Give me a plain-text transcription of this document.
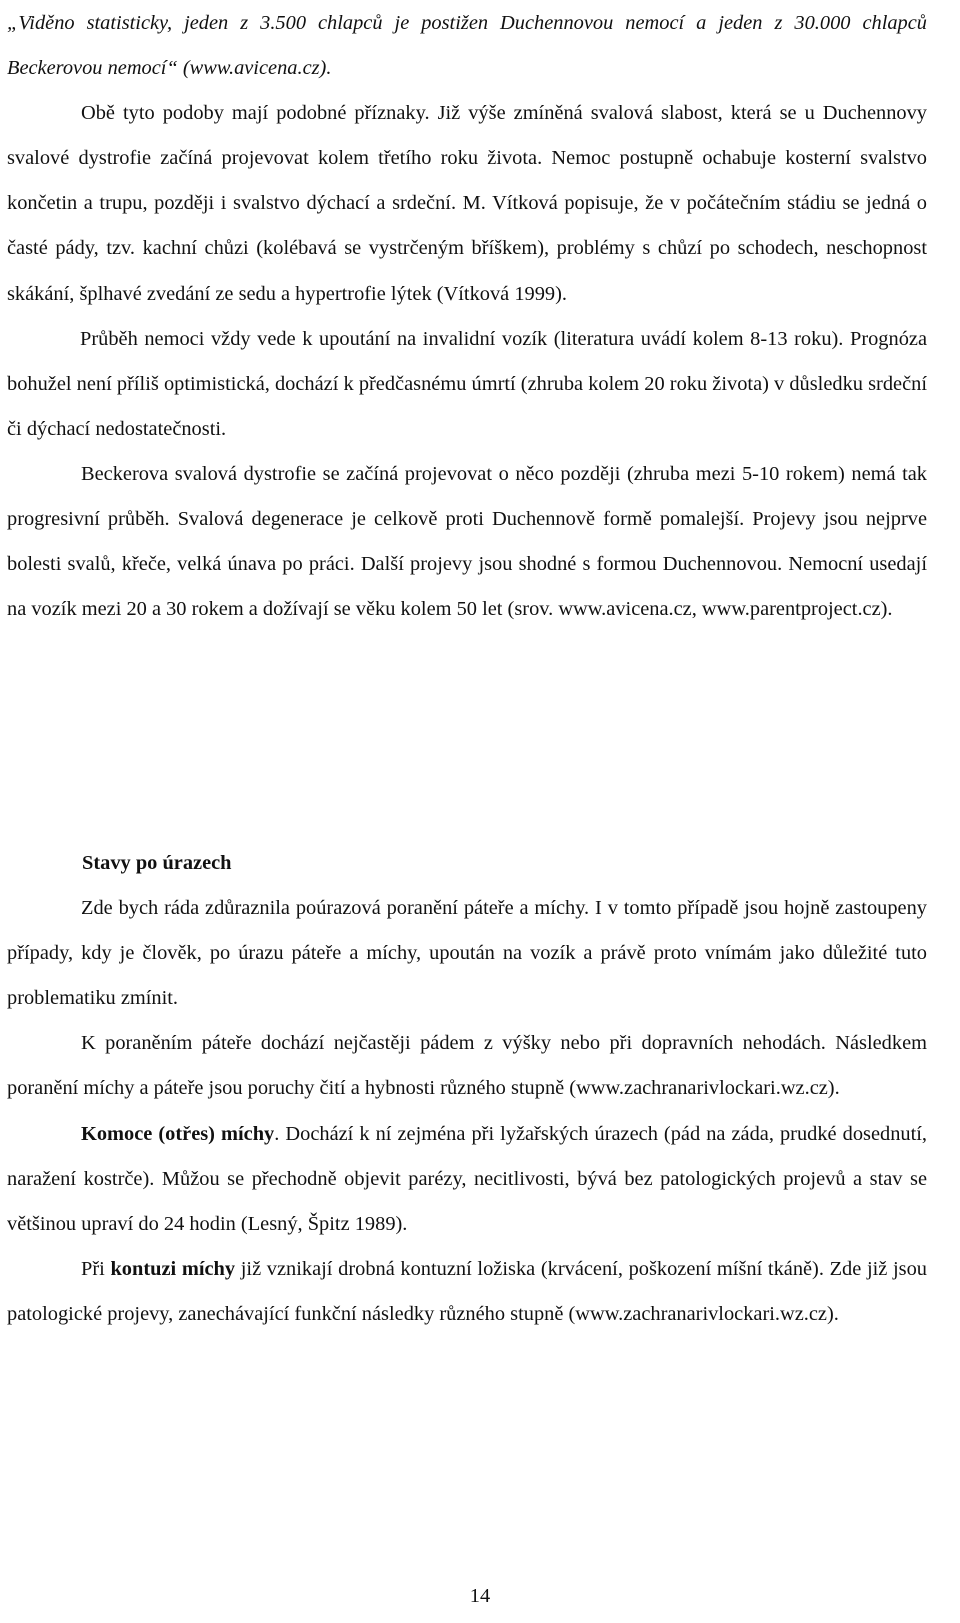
„Viděno statisticky, jeden z 3.500 chlapců je postižen Duchennovou nemocí a jeden z 30.000 chlapců Beckerovou nemocí“ (www.avicena.cz).

Obě tyto podoby mají podobné příznaky. Již výše zmíněná svalová slabost, která se u Duchennovy svalové dystrofie začíná projevovat kolem třetího roku života. Nemoc postupně ochabuje kosterní svalstvo končetin a trupu, později i svalstvo dýchací a srdeční. M. Vítková popisuje, že v počátečním stádiu se jedná o časté pády, tzv. kachní chůzi (kolébavá se vystrčeným bříškem), problémy s chůzí po schodech, neschopnost skákání, šplhavé zvedání ze sedu a hypertrofie lýtek (Vítková 1999).

Průběh nemoci vždy vede k upoutání na invalidní vozík (literatura uvádí kolem 8-13 roku). Prognóza bohužel není příliš optimistická, dochází k předčasnému úmrtí (zhruba kolem 20 roku života) v důsledku srdeční či dýchací nedostatečnosti.

Beckerova svalová dystrofie se začíná projevovat o něco později (zhruba mezi 5-10 rokem) nemá tak progresivní průběh. Svalová degenerace je celkově proti Duchennově formě pomalejší. Projevy jsou nejprve bolesti svalů, křeče, velká únava po práci. Další projevy jsou shodné s formou Duchennovou. Nemocní usedají na vozík mezi 20 a 30 rokem a dožívají se věku kolem 50 let (srov. www.avicena.cz, www.parentproject.cz).

Stavy po úrazech

Zde bych ráda zdůraznila poúrazová poranění páteře a míchy. I v tomto případě jsou hojně zastoupeny případy, kdy je člověk, po úrazu páteře a míchy, upoután na vozík a právě proto vnímám jako důležité tuto problematiku zmínit.

K poraněním páteře dochází nejčastěji pádem z výšky nebo při dopravních nehodách. Následkem poranění míchy a páteře jsou poruchy čití a hybnosti různého stupně (www.zachranarivlockari.wz.cz).

Komoce (otřes) míchy. Dochází k ní zejména při lyžařských úrazech (pád na záda, prudké dosednutí, naražení kostrče). Můžou se přechodně objevit parézy, necitlivosti, bývá bez patologických projevů a stav se většinou upraví do 24 hodin (Lesný, Špitz 1989).

Při kontuzi míchy již vznikají drobná kontuzní ložiska (krvácení, poškození míšní tkáně). Zde již jsou patologické projevy, zanechávající funkční následky různého stupně (www.zachranarivlockari.wz.cz).

14
